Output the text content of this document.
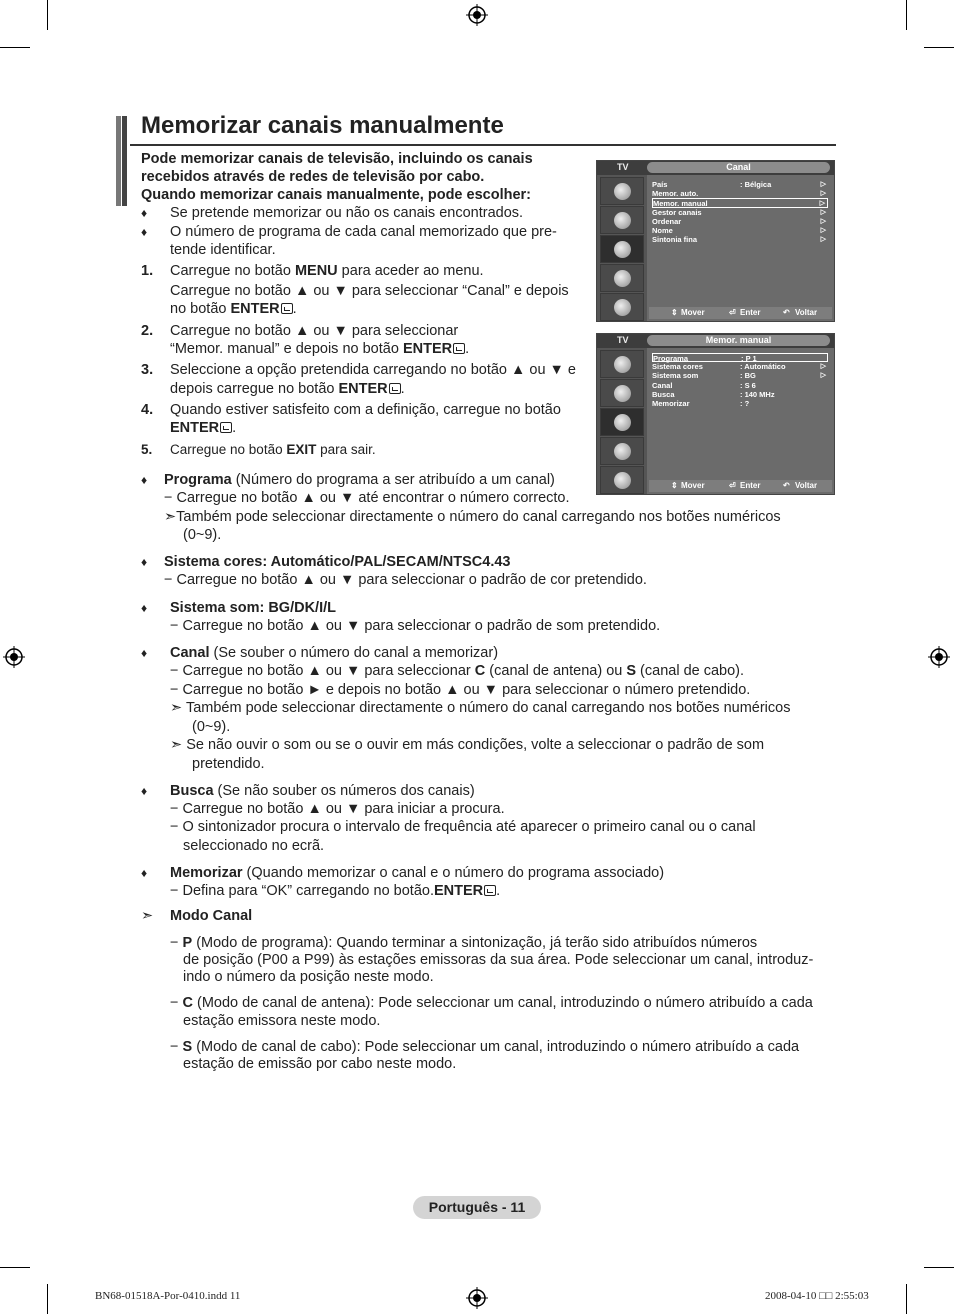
Memorizar canais manualmente
Pode memorizar canais de televisão, incluindo os canais
recebidos através de redes de televisão por cabo.
Quando memorizar canais manualmente, pode escolher:
♦ Se pretende memorizar ou não os canais encontrados.
♦ O número de programa de cada canal memorizado que pre-
tende identificar.
1. Carregue no botão MENU para aceder ao menu.
Carregue no botão ▲ ou ▼ para seleccionar “Canal” e depois
no botão ENTER .
2. Carregue no botão ▲ ou ▼ para seleccionar
“Memor. manual” e depois no botão ENTER .
3. Seleccione a opção pretendida carregando no botão ▲ ou ▼ e
depois carregue no botão ENTER .
4. Quando estiver satisfeito com a definição, carregue no botão
ENTER .
5. Carregue no botão EXIT para sair.
TV	Canal
País	: Bélgica	▷
Memor. auto.	▷
Memor. manual	▷
Gestor canais	▷
Ordenar	▷
Nome	▷
Sintonia fina	▷
⇕ Mover	⏎ Enter	↶ Voltar
TV	Memor. manual
Programa	: P 1
Sistema cores	: Automático	▷
Sistema som	: BG	▷
Canal	: S 6
Busca	: 140 MHz
Memorizar	: ?
⇕ Mover	⏎ Enter	↶ Voltar
♦ Programa (Número do programa a ser atribuído a um canal)
− Carregue no botão ▲ ou ▼ até encontrar o número correcto.
➣Também pode seleccionar directamente o número do canal carregando nos botões numéricos
(0~9).
♦ Sistema cores: Automático/PAL/SECAM/NTSC4.43
− Carregue no botão ▲ ou ▼ para seleccionar o padrão de cor pretendido.
♦ Sistema som: BG/DK/I/L
− Carregue no botão ▲ ou ▼ para seleccionar o padrão de som pretendido.
♦ Canal (Se souber o número do canal a memorizar)
− Carregue no botão ▲ ou ▼ para seleccionar C (canal de antena) ou S (canal de cabo).
− Carregue no botão ► e depois no botão ▲ ou ▼ para seleccionar o número pretendido.
➣ Também pode seleccionar directamente o número do canal carregando nos botões numéricos
(0~9).
➣ Se não ouvir o som ou se o ouvir em más condições, volte a seleccionar o padrão de som
pretendido.
♦ Busca (Se não souber os números dos canais)
− Carregue no botão ▲ ou ▼ para iniciar a procura.
− O sintonizador procura o intervalo de frequência até aparecer o primeiro canal ou o canal
seleccionado no ecrã.
♦ Memorizar (Quando memorizar o canal e o número do programa associado)
− Defina para “OK” carregando no botão.ENTER .
➣ Modo Canal
− P (Modo de programa): Quando terminar a sintonização, já terão sido atribuídos números
de posição (P00 a P99) às estações emissoras da sua área. Pode seleccionar um canal, introduz-
indo o número da posição neste modo.
− C (Modo de canal de antena): Pode seleccionar um canal, introduzindo o número atribuído a cada
estação emissora neste modo.
− S (Modo de canal de cabo): Pode seleccionar um canal, introduzindo o número atribuído a cada
estação de emissão por cabo neste modo.
Português - 11
BN68-01518A-Por-0410.indd 11	2008-04-10 □□ 2:55:03
